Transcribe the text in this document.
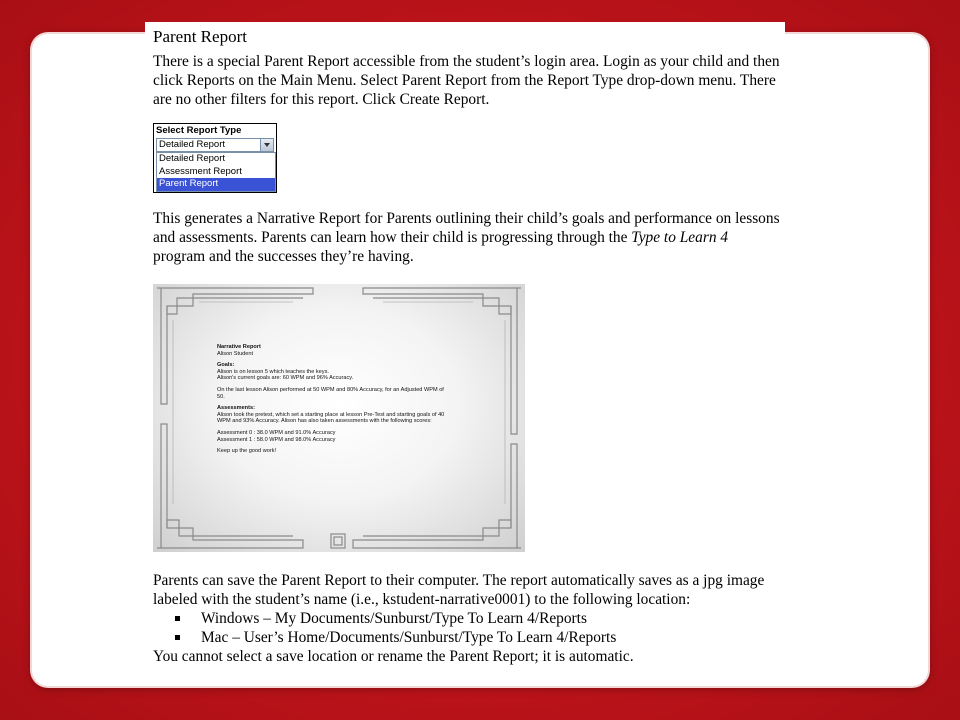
Parent Report

There is a special Parent Report accessible from the student’s login area. Login as your child and then click Reports on the Main Menu. Select Parent Report from the Report Type drop-down menu. There are no other filters for this report. Click Create Report.

Select Report Type
Detailed Report
Detailed Report
Assessment Report
Parent Report

This generates a Narrative Report for Parents outlining their child’s goals and performance on lessons and assessments. Parents can learn how their child is progressing through the Type to Learn 4 program and the successes they’re having.

Narrative Report
Alison Student
Goals:
Alison is on lesson 5 which teaches the keys.
Alison's current goals are: 60 WPM and 96% Accuracy.
On the last lesson Alison performed at 50 WPM and 80% Accuracy, for an Adjusted WPM of 50.
Assessments:
Alison took the pretest, which set a starting place at lesson Pre-Test and starting goals of 40 WPM and 93% Accuracy. Alison has also taken assessments with the following scores:
Assessment 0 : 38.0 WPM and 91.0% Accuracy
Assessment 1 : 58.0 WPM and 98.0% Accuracy
Keep up the good work!

Parents can save the Parent Report to their computer. The report automatically saves as a jpg image labeled with the student’s name (i.e., kstudent-narrative0001) to the following location:

Windows – My Documents/Sunburst/Type To Learn 4/Reports
Mac – User’s Home/Documents/Sunburst/Type To Learn 4/Reports

You cannot select a save location or rename the Parent Report; it is automatic.
